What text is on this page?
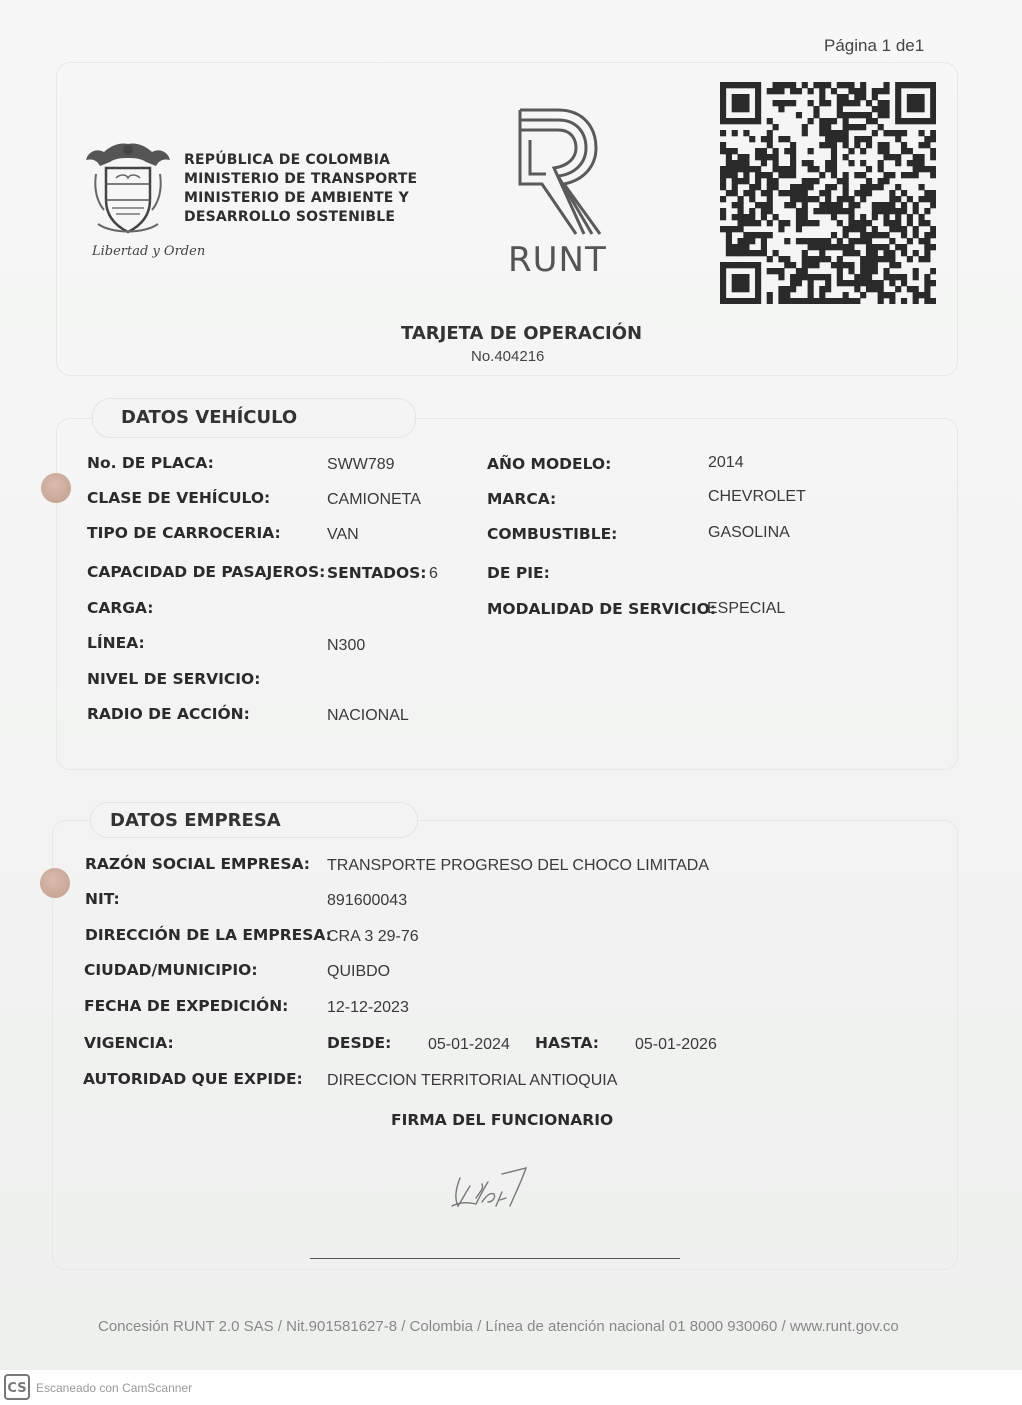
Página 1 de1
Libertad y Orden
REPÚBLICA DE COLOMBIA
MINISTERIO DE TRANSPORTE
MINISTERIO DE AMBIENTE Y
DESARROLLO SOSTENIBLE
RUNT
TARJETA DE OPERACIÓN
No.404216
DATOS VEHÍCULO
No. DE PLACA:	SWW789
CLASE DE VEHÍCULO:	CAMIONETA
TIPO DE CARROCERIA:	VAN
CAPACIDAD DE PASAJEROS: SENTADOS: 6
CARGA:
LÍNEA:	N300
NIVEL DE SERVICIO:
RADIO DE ACCIÓN:	NACIONAL
AÑO MODELO:	2014
MARCA:	CHEVROLET
COMBUSTIBLE:	GASOLINA
DE PIE:
MODALIDAD DE SERVICIO:
ESPECIAL
DATOS EMPRESA
RAZÓN SOCIAL EMPRESA: TRANSPORTE PROGRESO DEL CHOCO LIMITADA
NIT:	891600043
DIRECCIÓN DE LA EMPRESA:
CRA 3 29-76
CIUDAD/MUNICIPIO:	QUIBDO
FECHA DE EXPEDICIÓN: 12-12-2023
VIGENCIA:	DESDE: 05-01-2024 HASTA: 05-01-2026
AUTORIDAD QUE EXPIDE: DIRECCION TERRITORIAL ANTIOQUIA
FIRMA DEL FUNCIONARIO
Concesión RUNT 2.0 SAS / Nit.901581627-8 / Colombia / Línea de atención nacional 01 8000 930060 / www.runt.gov.co
CS Escaneado con CamScanner
